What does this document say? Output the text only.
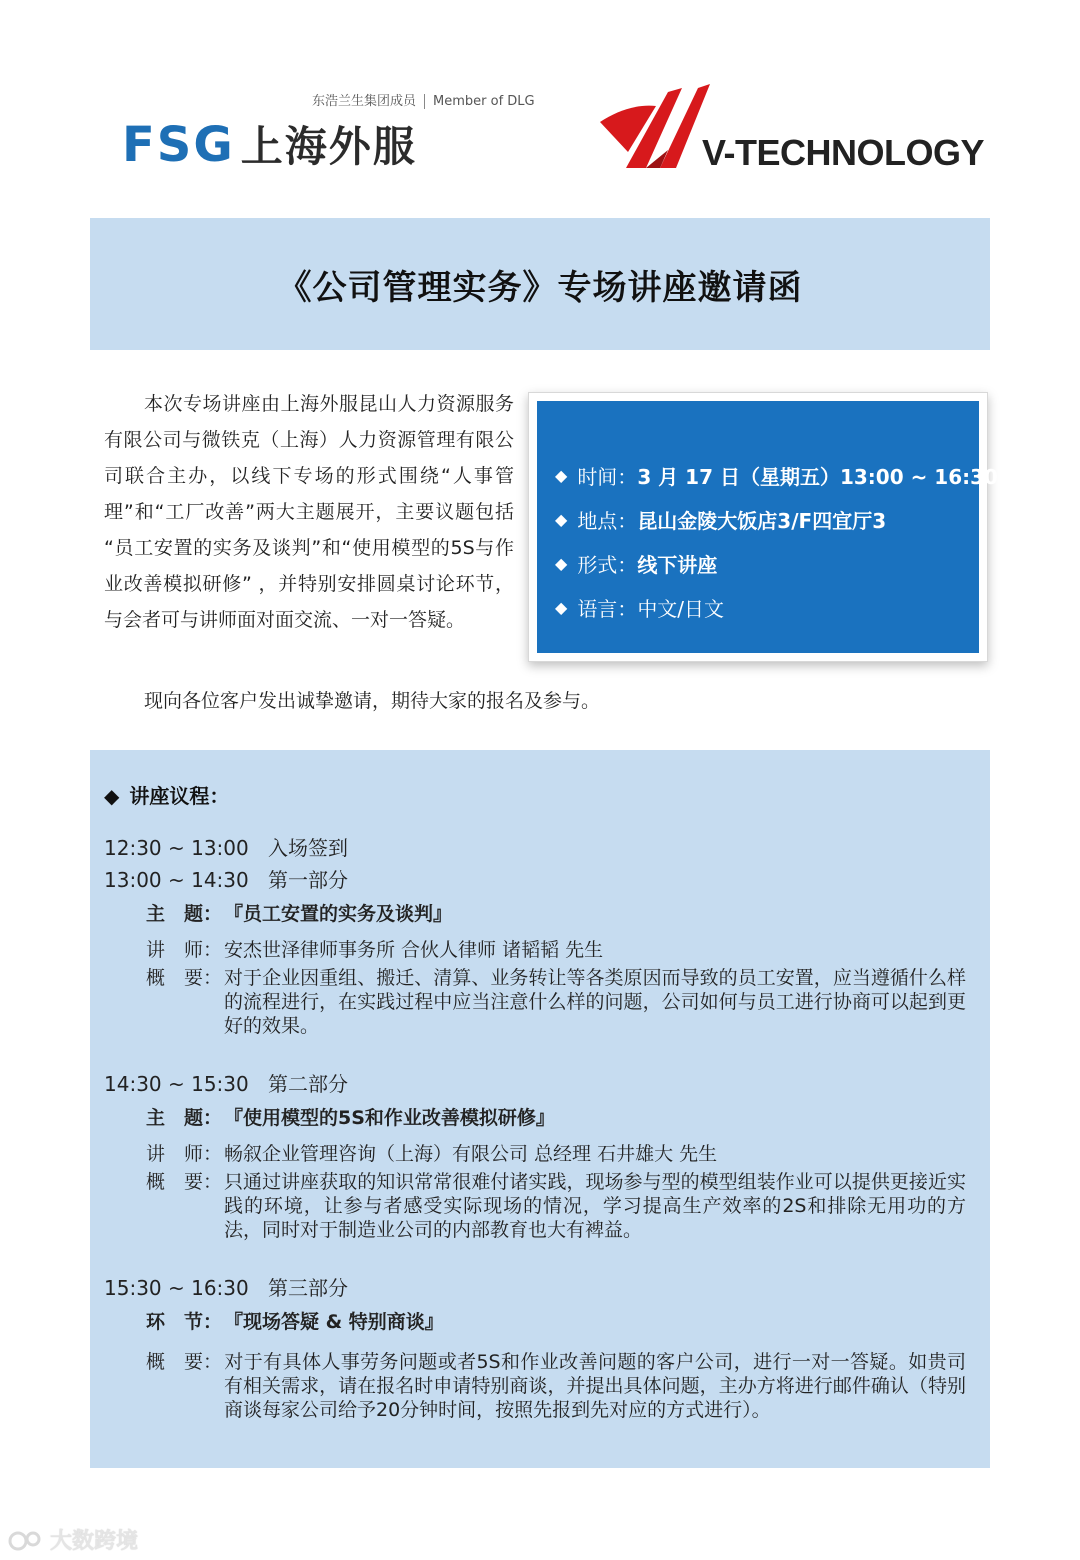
东浩兰生集团成员 Member of DLG
FSG 上海外服	V-TECHNOLOGY
《公司管理实务》专场讲座邀请函

本次专场讲座由上海外服昆山人力资源服务有限公司与微铁克（上海）人力资源管理有限公司联合主办，以线下专场的形式围绕“人事管理”和“工厂改善”两大主题展开，主要议题包括 “员工安置的实务及谈判”和“使用模型的5S与作业改善模拟研修” ，并特别安排圆桌讨论环节，与会者可与讲师面对面交流、一对一答疑。

现向各位客户发出诚挚邀请，期待大家的报名及参与。

◆ 时间： 3 月 17 日（星期五）13:00 ~ 16:30
◆ 地点： 昆山金陵大饭店3/F四宜厅3
◆ 形式： 线下讲座
◆ 语言： 中文/日文
◆ 讲座议程：
12:30 ~ 13:00 入场签到
13:00 ~ 14:30 第一部分
主　题： 『员工安置的实务及谈判』
讲　师： 安杰世泽律师事务所 合伙人律师 诸韬韬 先生
概　要： 对于企业因重组、搬迁、清算、业务转让等各类原因而导致的员工安置，应当遵循什么样的流程进行，在实践过程中应当注意什么样的问题，公司如何与员工进行协商可以起到更好的效果。
14:30 ~ 15:30 第二部分
主　题： 『使用模型的5S和作业改善模拟研修』
讲　师： 畅叙企业管理咨询（上海）有限公司 总经理 石井雄大 先生
概　要： 只通过讲座获取的知识常常很难付诸实践，现场参与型的模型组装作业可以提供更接近实践的环境，让参与者感受实际现场的情况，学习提高生产效率的2S和排除无用功的方法，同时对于制造业公司的内部教育也大有裨益。
15:30 ~ 16:30 第三部分
环　节： 『现场答疑 & 特别商谈』
概　要： 对于有具体人事劳务问题或者5S和作业改善问题的客户公司，进行一对一答疑。如贵司有相关需求，请在报名时申请特别商谈，并提出具体问题，主办方将进行邮件确认（特别商谈每家公司给予20分钟时间，按照先报到先对应的方式进行）。
大数跨境
